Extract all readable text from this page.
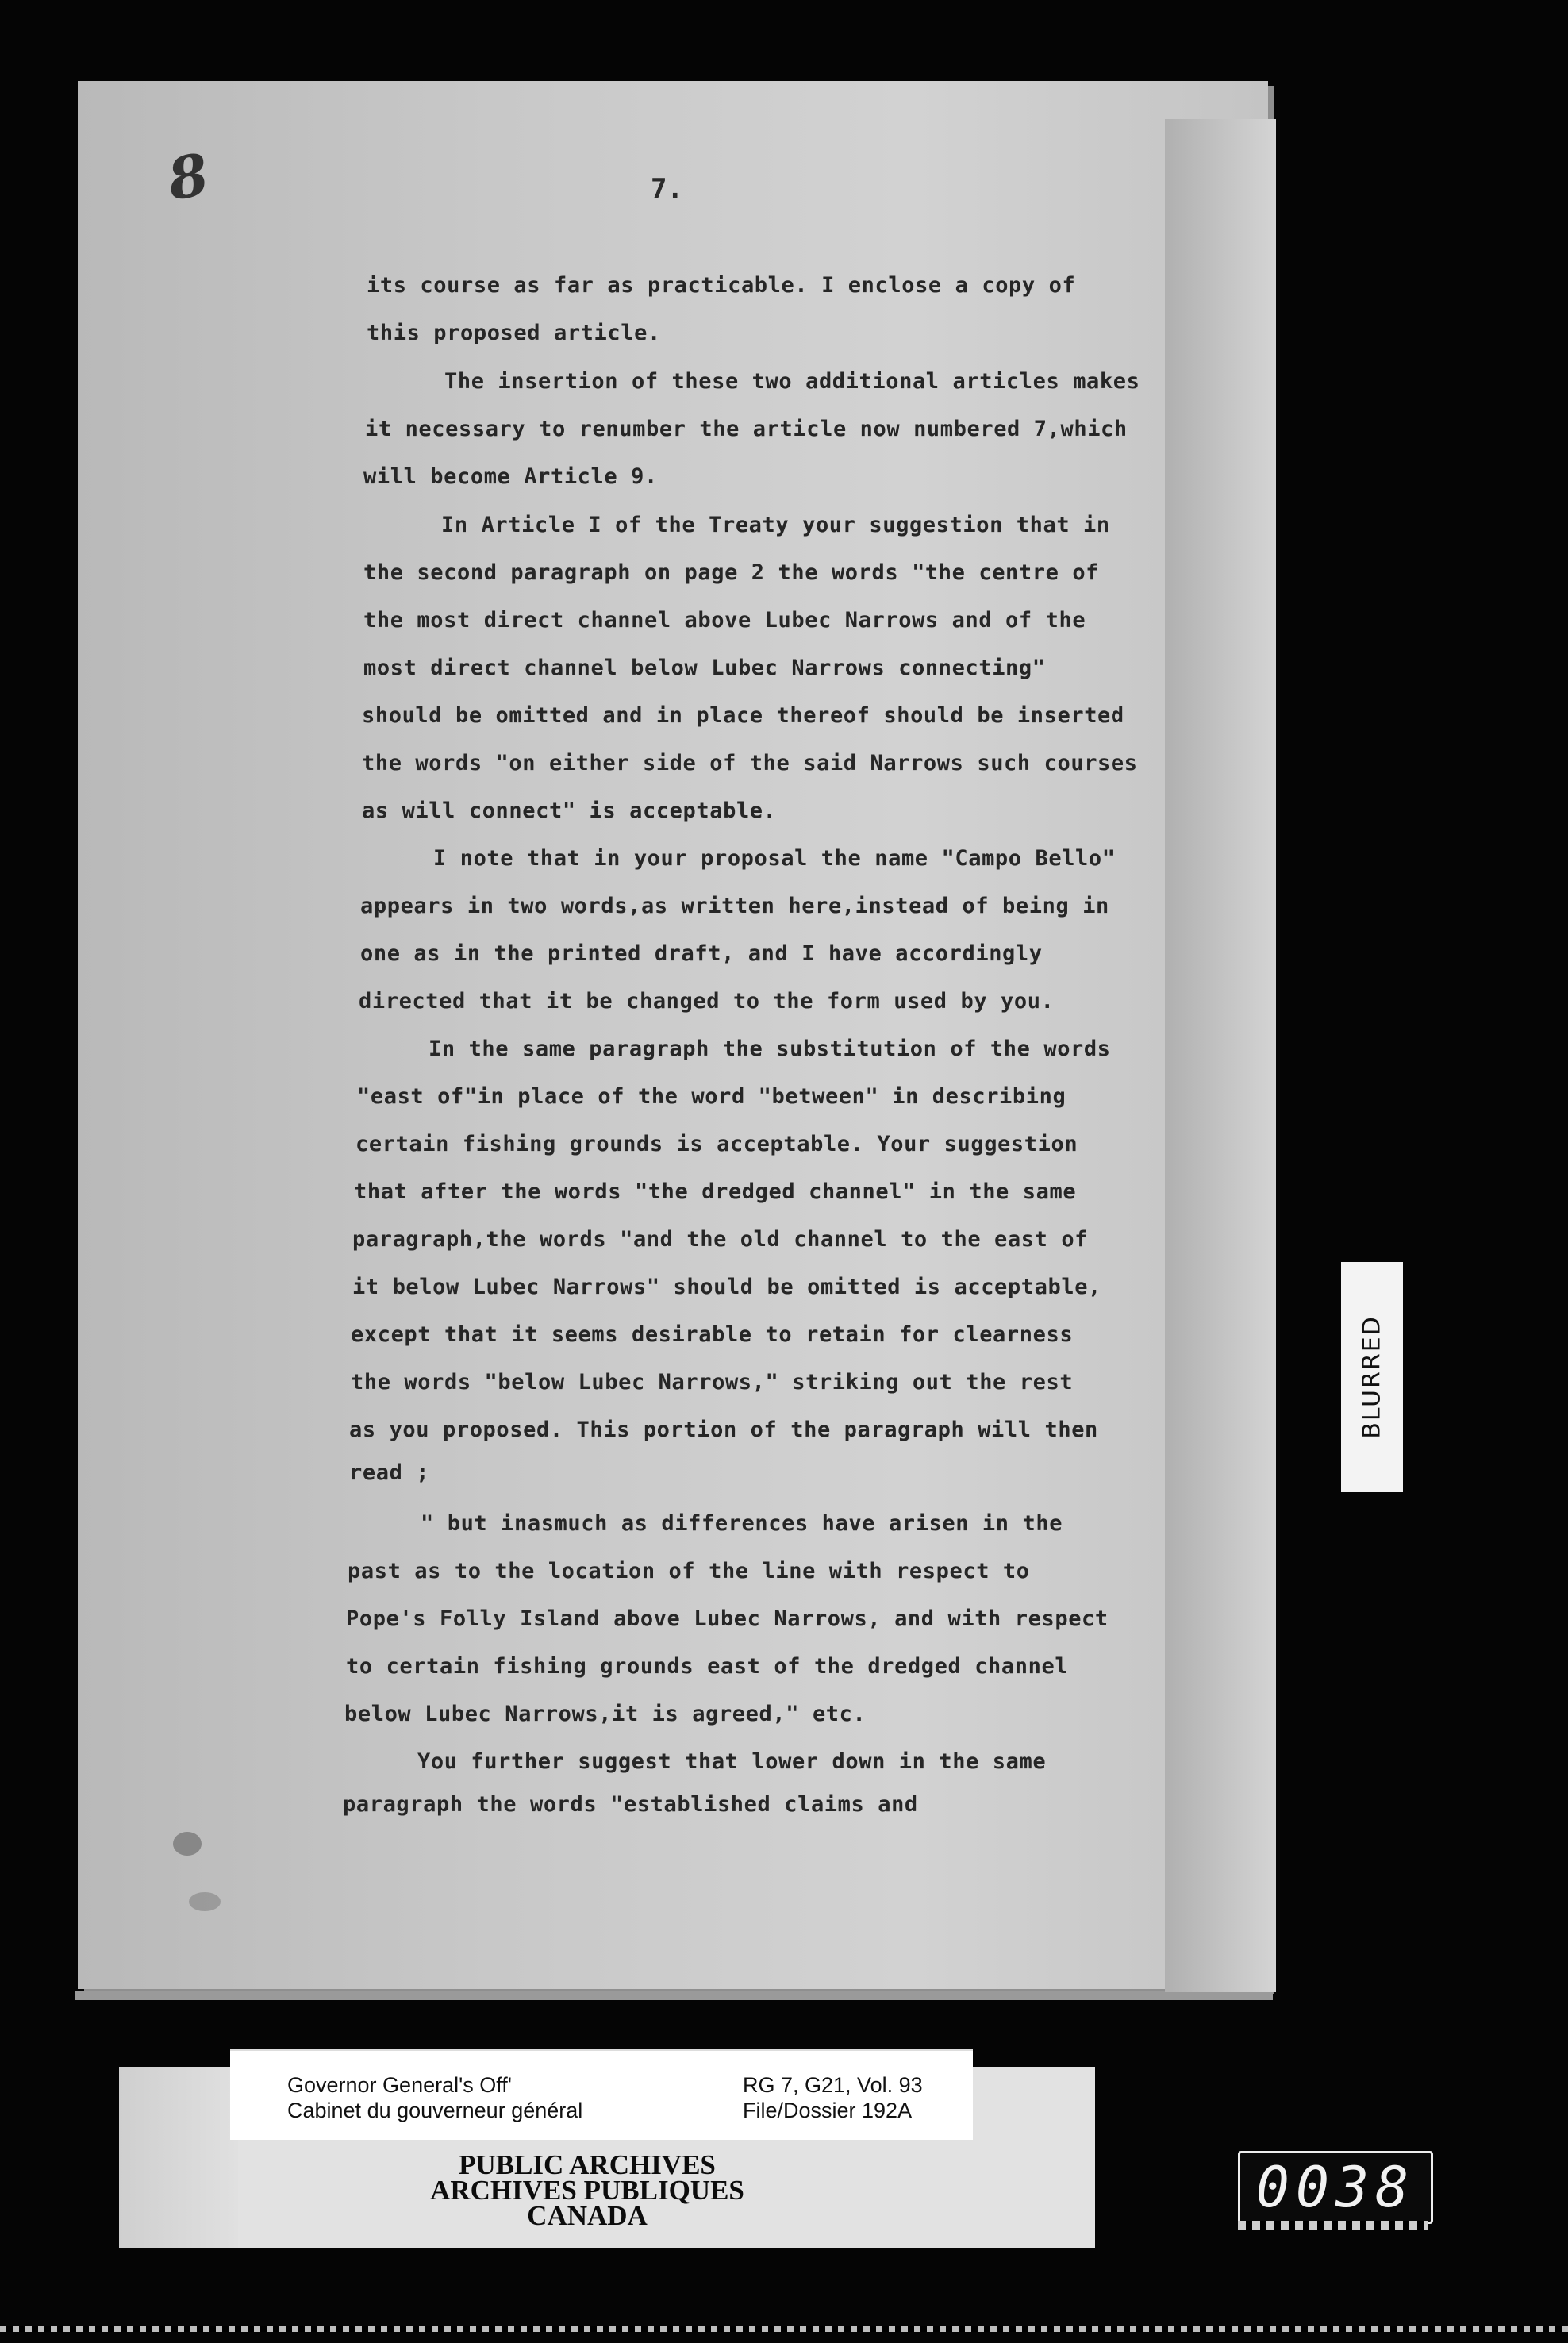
8	7.
its course as far as practicable. I enclose a copy of
this proposed article.
The insertion of these two additional articles makes
it necessary to renumber the article now numbered 7,which
will become Article 9.
In Article I of the Treaty your suggestion that in
the second paragraph on page 2 the words "the centre of
the most direct channel above Lubec Narrows and of the
most direct channel below Lubec Narrows connecting"
should be omitted and in place thereof should be inserted
the words "on either side of the said Narrows such courses
as will connect" is acceptable.
I note that in your proposal the name "Campo Bello"
appears in two words,as written here,instead of being in
one as in the printed draft, and I have accordingly
directed that it be changed to the form used by you.
In the same paragraph the substitution of the words
"east of"in place of the word "between" in describing
certain fishing grounds is acceptable. Your suggestion
that after the words "the dredged channel" in the same
paragraph,the words "and the old channel to the east of
it below Lubec Narrows" should be omitted is acceptable,
except that it seems desirable to retain for clearness
the words "below Lubec Narrows," striking out the rest
as you proposed. This portion of the paragraph will then
read ;
" but inasmuch as differences have arisen in the
past as to the location of the line with respect to
Pope's Folly Island above Lubec Narrows, and with respect
to certain fishing grounds east of the dredged channel
below Lubec Narrows,it is agreed," etc.
You further suggest that lower down in the same
paragraph the words "established claims and
BLURRED
Governor General's Off'
Cabinet du gouverneur général
RG 7, G21, Vol. 93
File/Dossier 192A
PUBLIC ARCHIVES
ARCHIVES PUBLIQUES
CANADA	0038
